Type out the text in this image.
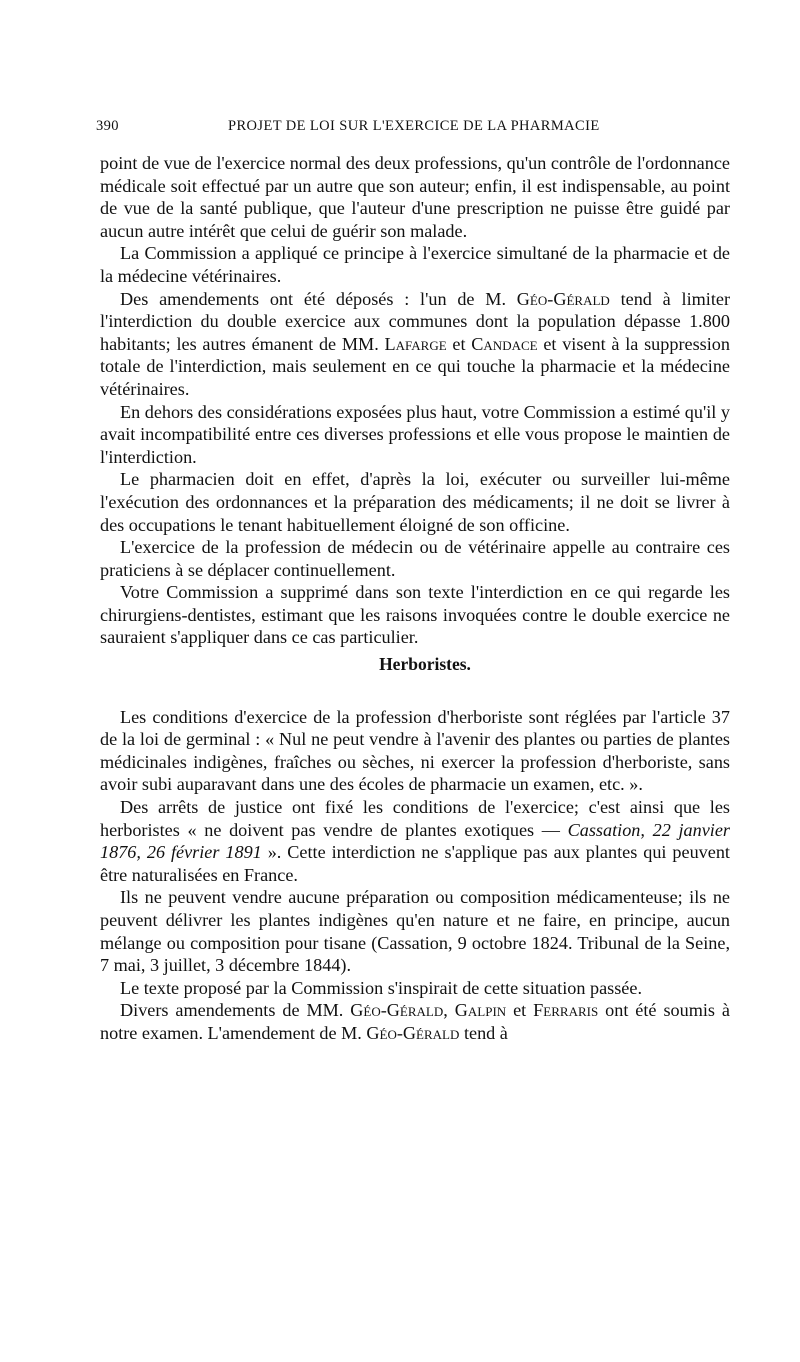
390	PROJET DE LOI SUR L'EXERCICE DE LA PHARMACIE

point de vue de l'exercice normal des deux professions, qu'un contrôle de l'ordonnance médicale soit effectué par un autre que son auteur; enfin, il est indispensable, au point de vue de la santé publique, que l'auteur d'une prescription ne puisse être guidé par aucun autre intérêt que celui de guérir son malade.

La Commission a appliqué ce principe à l'exercice simultané de la pharmacie et de la médecine vétérinaires.

Des amendements ont été déposés : l'un de M. Géo-Gérald tend à limiter l'interdiction du double exercice aux communes dont la population dépasse 1.800 habitants; les autres émanent de MM. Lafarge et Candace et visent à la suppression totale de l'interdiction, mais seulement en ce qui touche la pharmacie et la médecine vétérinaires.

En dehors des considérations exposées plus haut, votre Commission a estimé qu'il y avait incompatibilité entre ces diverses professions et elle vous propose le maintien de l'interdiction.

Le pharmacien doit en effet, d'après la loi, exécuter ou surveiller lui-même l'exécution des ordonnances et la préparation des médicaments; il ne doit se livrer à des occupations le tenant habituellement éloigné de son officine.

L'exercice de la profession de médecin ou de vétérinaire appelle au contraire ces praticiens à se déplacer continuellement.

Votre Commission a supprimé dans son texte l'interdiction en ce qui regarde les chirurgiens-dentistes, estimant que les raisons invoquées contre le double exercice ne sauraient s'appliquer dans ce cas particulier.

Herboristes.

Les conditions d'exercice de la profession d'herboriste sont réglées par l'article 37 de la loi de germinal : « Nul ne peut vendre à l'avenir des plantes ou parties de plantes médicinales indigènes, fraîches ou sèches, ni exercer la profession d'herboriste, sans avoir subi auparavant dans une des écoles de pharmacie un examen, etc. ».

Des arrêts de justice ont fixé les conditions de l'exercice; c'est ainsi que les herboristes « ne doivent pas vendre de plantes exotiques — Cassation, 22 janvier 1876, 26 février 1891 ». Cette interdiction ne s'applique pas aux plantes qui peuvent être naturalisées en France.

Ils ne peuvent vendre aucune préparation ou composition médicamenteuse; ils ne peuvent délivrer les plantes indigènes qu'en nature et ne faire, en principe, aucun mélange ou composition pour tisane (Cassation, 9 octobre 1824. Tribunal de la Seine, 7 mai, 3 juillet, 3 décembre 1844).

Le texte proposé par la Commission s'inspirait de cette situation passée.

Divers amendements de MM. Géo-Gérald, Galpin et Ferraris ont été soumis à notre examen. L'amendement de M. Géo-Gérald tend à
